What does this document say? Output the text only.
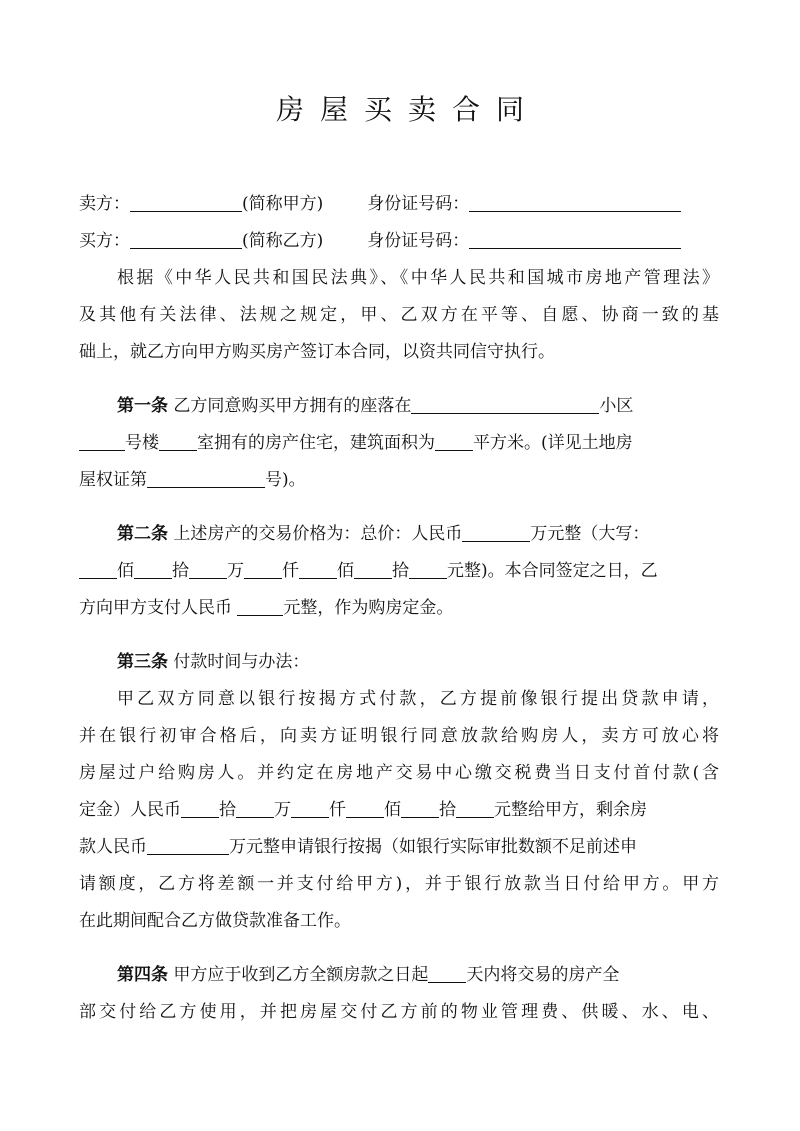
房屋买卖合同
卖方：	(简称甲方)	身份证号码：
买方：	(简称乙方)	身份证号码：
根据《中华人民共和国民法典》、《中华人民共和国城市房地产管理法》
及其他有关法律、法规之规定，甲、乙双方在平等、自愿、协商一致的基
础上，就乙方向甲方购买房产签订本合同，以资共同信守执行。
第一条 乙方同意购买甲方拥有的座落在	小区
号楼 室拥有的房产住宅，建筑面积为 平方米。(详见土地房
屋权证第	号)。
第二条 上述房产的交易价格为：总价：人民币	万元整（大写：
佰 拾 万 仟 佰 拾 元整)。本合同签定之日，乙
方向甲方支付人民币	元整，作为购房定金。
第三条 付款时间与办法：
甲乙双方同意以银行按揭方式付款，乙方提前像银行提出贷款申请，
并在银行初审合格后，向卖方证明银行同意放款给购房人，卖方可放心将
房屋过户给购房人。并约定在房地产交易中心缴交税费当日支付首付款(含
定金）人民币 拾 万 仟 佰 拾 元整给甲方，剩余房
款人民币	万元整申请银行按揭（如银行实际审批数额不足前述申
请额度，乙方将差额一并支付给甲方)，并于银行放款当日付给甲方。甲方
在此期间配合乙方做贷款准备工作。
第四条 甲方应于收到乙方全额房款之日起 天内将交易的房产全
部交付给乙方使用，并把房屋交付乙方前的物业管理费、供暖、水、电、
